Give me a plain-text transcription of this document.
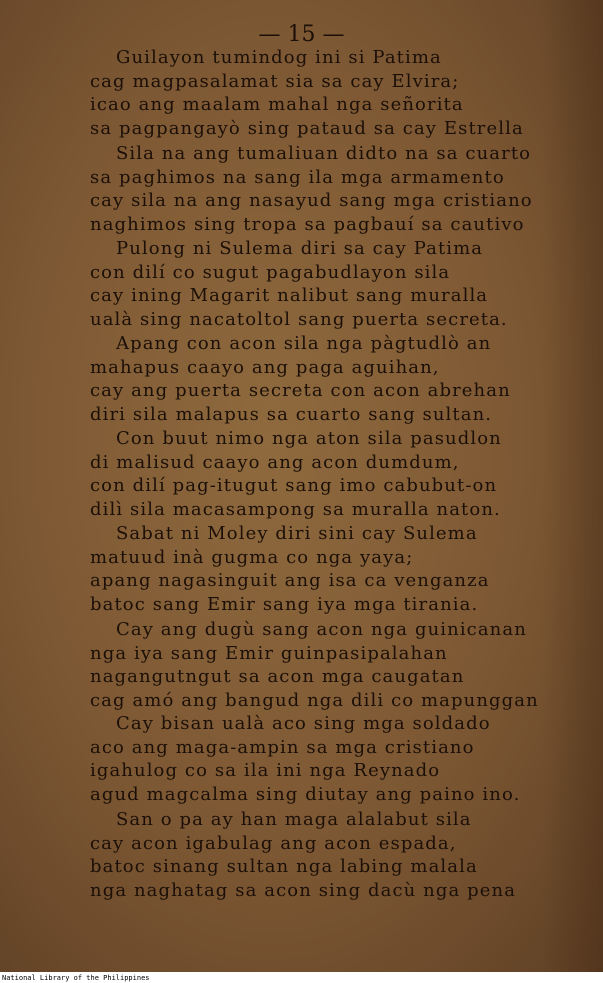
— 15 —
Guilayon tumindog ini si Patima
cag magpasalamat sia sa cay Elvira;
icao ang maalam mahal nga señorita
sa pagpangayò sing pataud sa cay Estrella
Sila na ang tumaliuan didto na sa cuarto
sa paghimos na sang ila mga armamento
cay sila na ang nasayud sang mga cristiano
naghimos sing tropa sa pagbauí sa cautivo
Pulong ni Sulema diri sa cay Patima
con dilí co sugut pagabudlayon sila
cay ining Magarit nalibut sang muralla
ualà sing nacatoltol sang puerta secreta.
Apang con acon sila nga pàgtudlò an
mahapus caayo ang paga aguihan,
cay ang puerta secreta con acon abrehan
diri sila malapus sa cuarto sang sultan.
Con buut nimo nga aton sila pasudlon
di malisud caayo ang acon dumdum,
con dilí pag-itugut sang imo cabubut-on
dilì sila macasampong sa muralla naton.
Sabat ni Moley diri sini cay Sulema
matuud inà gugma co nga yaya;
apang nagasinguit ang isa ca venganza
batoc sang Emir sang iya mga tirania.
Cay ang dugù sang acon nga guinicanan
nga iya sang Emir guinpasipalahan
nagangutngut sa acon mga caugatan
cag amó ang bangud nga dili co mapunggan
Cay bisan ualà aco sing mga soldado
aco ang maga-ampin sa mga cristiano
igahulog co sa ila ini nga Reynado
agud magcalma sing diutay ang paino ino.
San o pa ay han maga alalabut sila
cay acon igabulag ang acon espada,
batoc sinang sultan nga labing malala
nga naghatag sa acon sing dacù nga pena
National Library of the Philippines
